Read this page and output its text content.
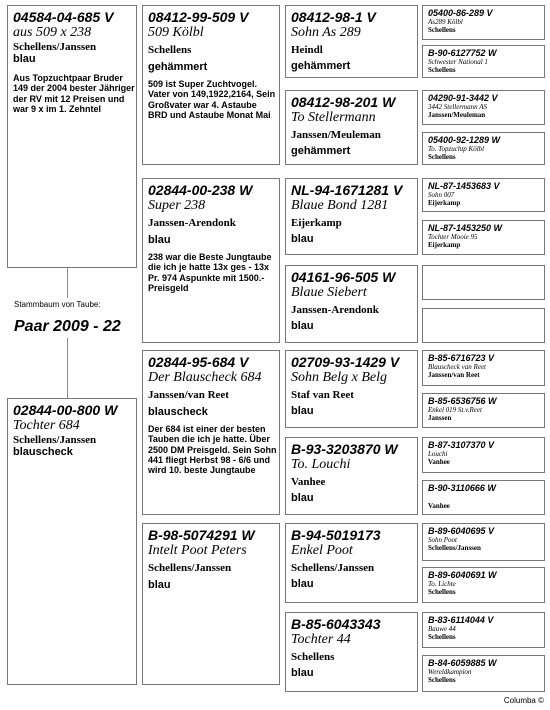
04584-04-685 V
aus 509 x 238
Schellens/Janssen
blau
Aus Topzuchtpaar Bruder 149 der 2004 bester Jähriger der RV mit 12 Preisen und war 9 x im 1. Zehntel
Stammbaum von Taube:
Paar 2009 - 22
02844-00-800 W
Tochter 684
Schellens/Janssen
blauscheck
08412-99-509 V
509 Kölbl
Schellens
gehämmert
509 ist Super Zuchtvogel. Vater von 149,1922,2164, Sein Großvater war 4. Astaube BRD und Astaube Monat Mai
02844-00-238 W
Super 238
Janssen-Arendonk
blau
238 war die Beste Jungtaube die ich je hatte 13x ges - 13x Pr. 974 Aspunkte mit 1500.- Preisgeld
02844-95-684 V
Der Blauscheck 684
Janssen/van Reet
blauscheck
Der 684 ist einer der besten Tauben die ich je hatte. Über 2500 DM Preisgeld. Sein Sohn 441 fliegt Herbst 98 - 6/6 und wird 10. beste Jungtaube
B-98-5074291 W
Intelt Poot Peters
Schellens/Janssen
blau
08412-98-1 V
Sohn As 289
Heindl
gehämmert
08412-98-201 W
To Stellermann
Janssen/Meuleman
gehämmert
NL-94-1671281 V
Blaue Bond 1281
Eijerkamp
blau
04161-96-505 W
Blaue Siebert
Janssen-Arendonk
blau
02709-93-1429 V
Sohn Belg x Belg
Staf van Reet
blau
B-93-3203870 W
To. Louchi
Vanhee
blau
B-94-5019173
Enkel Poot
Schellens/Janssen
blau
B-85-6043343
Tochter 44
Schellens
blau
05400-86-289 V
As289 Kölbl
Schellens
B-90-6127752 W
Schwester National 1
Schellens
04290-91-3442 V
3442 Stellermann AS
Janssen/Meuleman
05400-92-1289 W
To. Topzuchtp Kölbl
Schellens
NL-87-1453683 V
Sohn 007
Eijerkamp
NL-87-1453250 W
Tochter Mooie 95
Eijerkamp
B-85-6716723 V
Blauscheck van Reet
Janssen/van Reet
B-85-6536756 W
Enkel 019 St.v.Reet
Janssen
B-87-3107370 V
Louchi
Vanhee
B-90-3110666 W
Vanhee
B-89-6040695 V
Sohn Poot
Schellens/Janssen
B-89-6040691 W
To. Lichte
Schellens
B-83-6114044 V
Bauwe 44
Schellens
B-84-6059885 W
Wereldkampion
Schellens
Columba ©
